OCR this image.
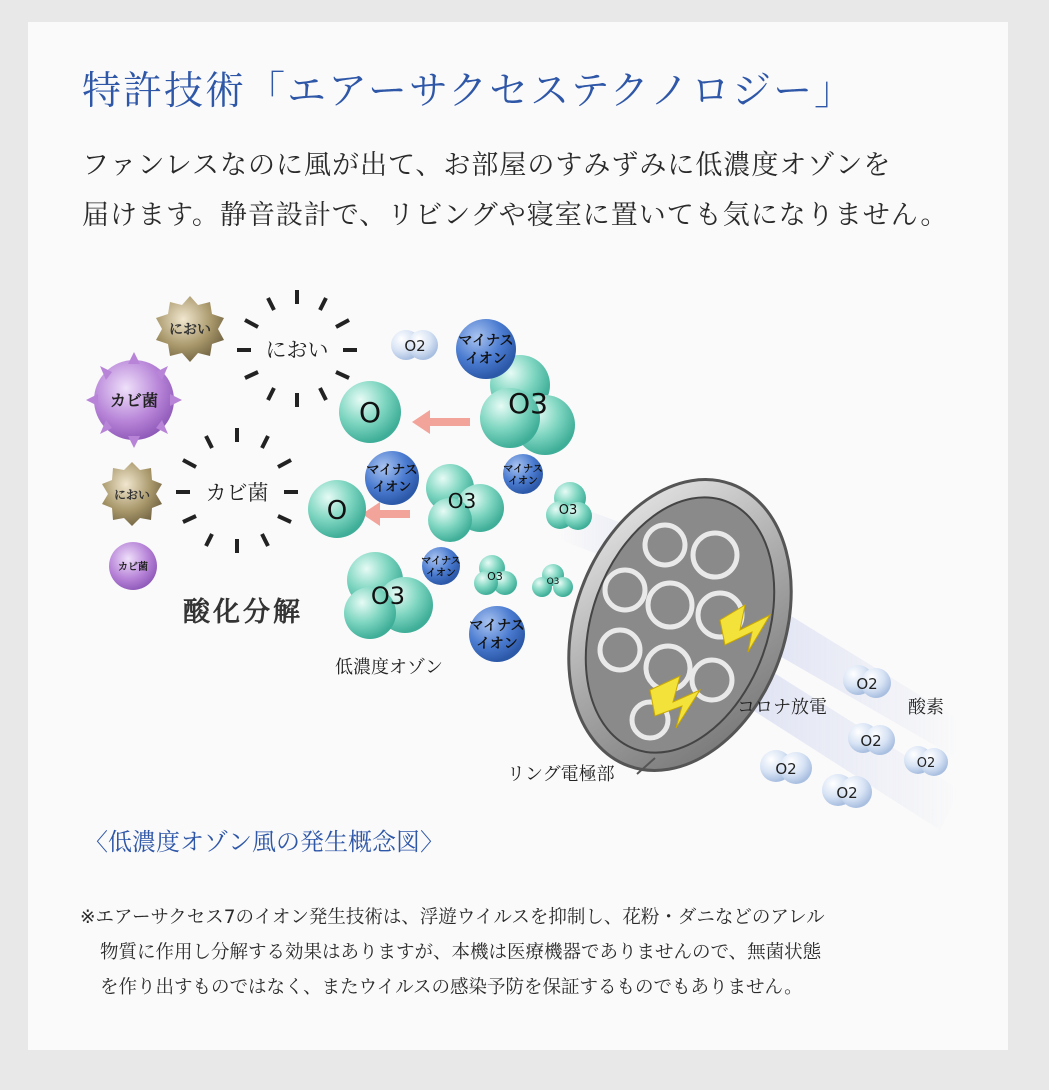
特許技術「エアーサクセステクノロジー」
ファンレスなのに風が出て、お部屋のすみずみに低濃度オゾンを
届けます。静音設計で、リビングや寝室に置いても気になりません。
におい
カビ菌
におい
カビ菌
におい
カビ菌
酸化分解
O
O
O3
O3	O3
O3
O3	O3
マイナス
イオン
マイナス
イオン
マイナス
イオン
マイナス
イオン
マイナス
イオン
O2
O2
O2
O2
O2
O2
低濃度オゾン
リング電極部
コロナ放電	酸素
〈低濃度オゾン風の発生概念図〉
※エアーサクセス7のイオン発生技術は、浮遊ウイルスを抑制し、花粉・ダニなどのアレル
物質に作用し分解する効果はありますが、本機は医療機器でありませんので、無菌状態
を作り出すものではなく、またウイルスの感染予防を保証するものでもありません。
